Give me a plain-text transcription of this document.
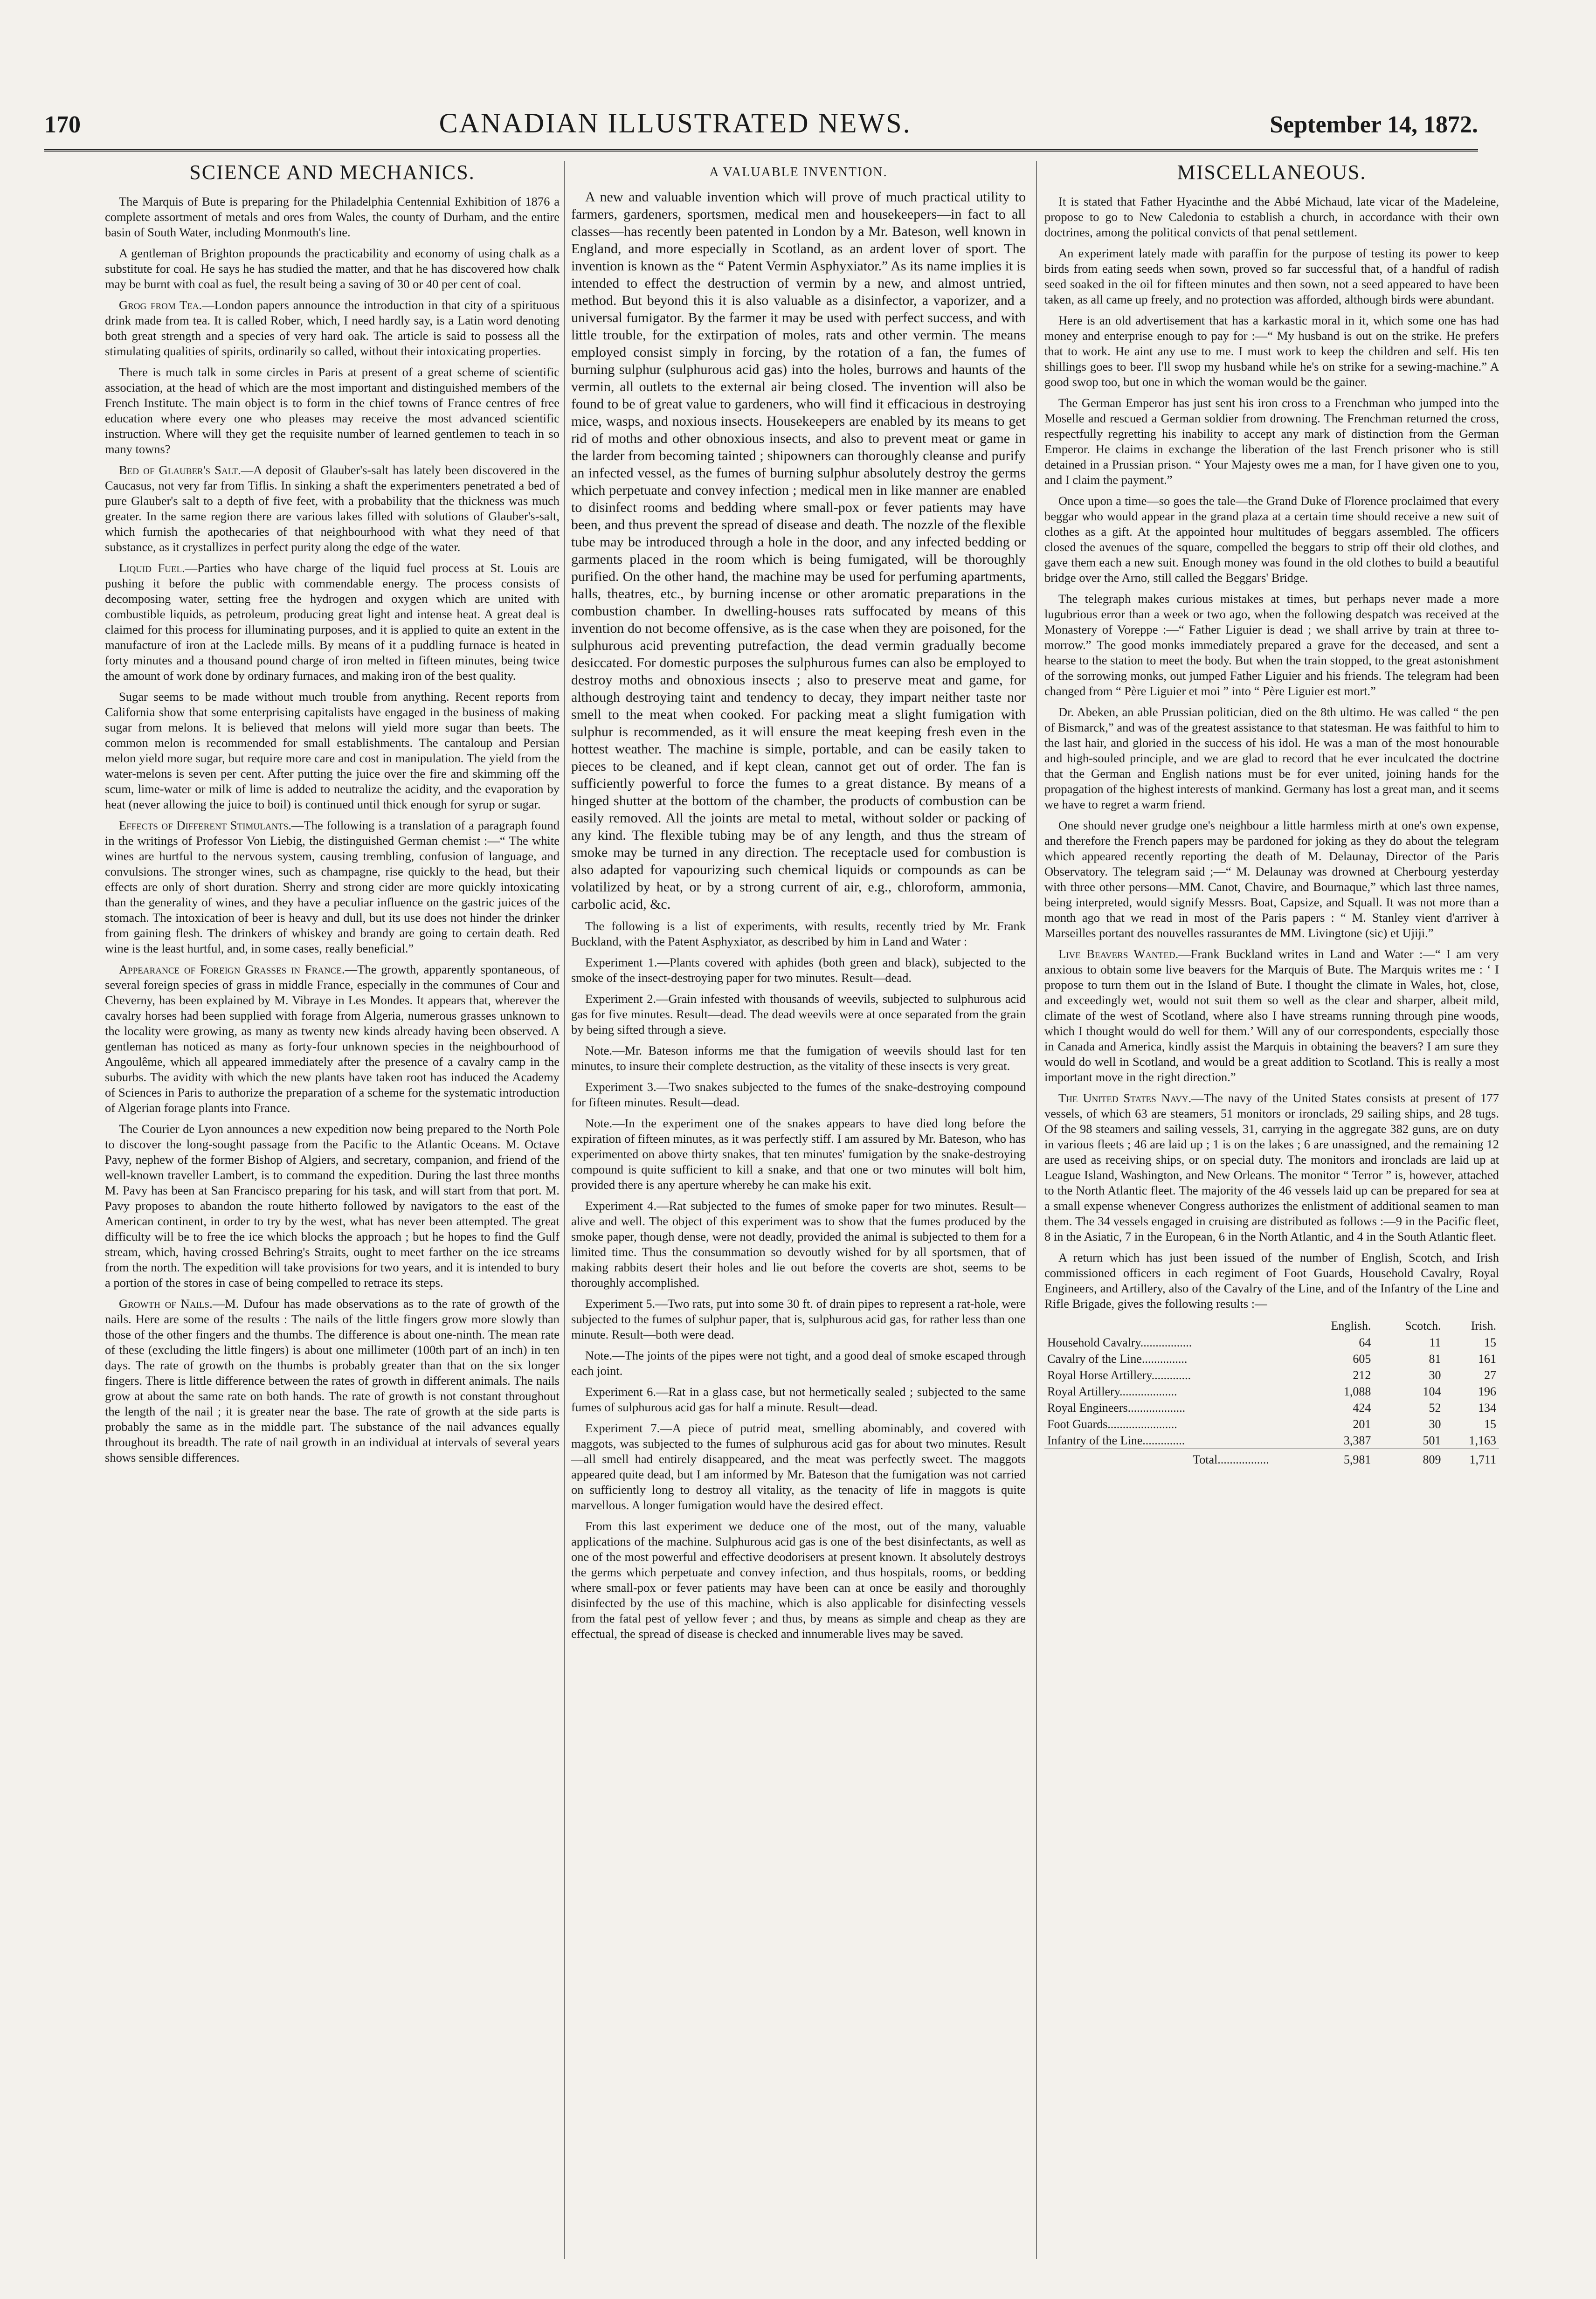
170	CANADIAN ILLUSTRATED NEWS.	September 14, 1872.
SCIENCE AND MECHANICS.

The Marquis of Bute is preparing for the Philadelphia Centennial Exhibition of 1876 a complete assortment of metals and ores from Wales, the county of Durham, and the entire basin of South Water, including Monmouth's line.

A gentleman of Brighton propounds the practicability and economy of using chalk as a substitute for coal. He says he has studied the matter, and that he has discovered how chalk may be burnt with coal as fuel, the result being a saving of 30 or 40 per cent of coal.

Grog from Tea.—London papers announce the introduction in that city of a spirituous drink made from tea. It is called Rober, which, I need hardly say, is a Latin word denoting both great strength and a species of very hard oak. The article is said to possess all the stimulating qualities of spirits, ordinarily so called, without their intoxicating properties.

There is much talk in some circles in Paris at present of a great scheme of scientific association, at the head of which are the most important and distinguished members of the French Institute. The main object is to form in the chief towns of France centres of free education where every one who pleases may receive the most advanced scientific instruction. Where will they get the requisite number of learned gentlemen to teach in so many towns?

Bed of Glauber's Salt.—A deposit of Glauber's-salt has lately been discovered in the Caucasus, not very far from Tiflis. In sinking a shaft the experimenters penetrated a bed of pure Glauber's salt to a depth of five feet, with a probability that the thickness was much greater. In the same region there are various lakes filled with solutions of Glauber's-salt, which furnish the apothecaries of that neighbourhood with what they need of that substance, as it crystallizes in perfect purity along the edge of the water.

Liquid Fuel.—Parties who have charge of the liquid fuel process at St. Louis are pushing it before the public with commendable energy. The process consists of decomposing water, setting free the hydrogen and oxygen which are united with combustible liquids, as petroleum, producing great light and intense heat. A great deal is claimed for this process for illuminating purposes, and it is applied to quite an extent in the manufacture of iron at the Laclede mills. By means of it a puddling furnace is heated in forty minutes and a thousand pound charge of iron melted in fifteen minutes, being twice the amount of work done by ordinary furnaces, and making iron of the best quality.

Sugar seems to be made without much trouble from anything. Recent reports from California show that some enterprising capitalists have engaged in the business of making sugar from melons. It is believed that melons will yield more sugar than beets. The common melon is recommended for small establishments. The cantaloup and Persian melon yield more sugar, but require more care and cost in manipulation. The yield from the water-melons is seven per cent. After putting the juice over the fire and skimming off the scum, lime-water or milk of lime is added to neutralize the acidity, and the evaporation by heat (never allowing the juice to boil) is continued until thick enough for syrup or sugar.

Effects of Different Stimulants.—The following is a translation of a paragraph found in the writings of Professor Von Liebig, the distinguished German chemist :—“ The white wines are hurtful to the nervous system, causing trembling, confusion of language, and convulsions. The stronger wines, such as champagne, rise quickly to the head, but their effects are only of short duration. Sherry and strong cider are more quickly intoxicating than the generality of wines, and they have a peculiar influence on the gastric juices of the stomach. The intoxication of beer is heavy and dull, but its use does not hinder the drinker from gaining flesh. The drinkers of whiskey and brandy are going to certain death. Red wine is the least hurtful, and, in some cases, really beneficial.”

Appearance of Foreign Grasses in France.—The growth, apparently spontaneous, of several foreign species of grass in middle France, especially in the communes of Cour and Cheverny, has been explained by M. Vibraye in Les Mondes. It appears that, wherever the cavalry horses had been supplied with forage from Algeria, numerous grasses unknown to the locality were growing, as many as twenty new kinds already having been observed. A gentleman has noticed as many as forty-four unknown species in the neighbourhood of Angoulême, which all appeared immediately after the presence of a cavalry camp in the suburbs. The avidity with which the new plants have taken root has induced the Academy of Sciences in Paris to authorize the preparation of a scheme for the systematic introduction of Algerian forage plants into France.

The Courier de Lyon announces a new expedition now being prepared to the North Pole to discover the long-sought passage from the Pacific to the Atlantic Oceans. M. Octave Pavy, nephew of the former Bishop of Algiers, and secretary, companion, and friend of the well-known traveller Lambert, is to command the expedition. During the last three months M. Pavy has been at San Francisco preparing for his task, and will start from that port. M. Pavy proposes to abandon the route hitherto followed by navigators to the east of the American continent, in order to try by the west, what has never been attempted. The great difficulty will be to free the ice which blocks the approach ; but he hopes to find the Gulf stream, which, having crossed Behring's Straits, ought to meet farther on the ice streams from the north. The expedition will take provisions for two years, and it is intended to bury a portion of the stores in case of being compelled to retrace its steps.

Growth of Nails.—M. Dufour has made observations as to the rate of growth of the nails. Here are some of the results : The nails of the little fingers grow more slowly than those of the other fingers and the thumbs. The difference is about one-ninth. The mean rate of these (excluding the little fingers) is about one millimeter (100th part of an inch) in ten days. The rate of growth on the thumbs is probably greater than that on the six longer fingers. There is little difference between the rates of growth in different animals. The nails grow at about the same rate on both hands. The rate of growth is not constant throughout the length of the nail ; it is greater near the base. The rate of growth at the side parts is probably the same as in the middle part. The substance of the nail advances equally throughout its breadth. The rate of nail growth in an individual at intervals of several years shows sensible differences.

A VALUABLE INVENTION.

A new and valuable invention which will prove of much practical utility to farmers, gardeners, sportsmen, medical men and housekeepers—in fact to all classes—has recently been patented in London by a Mr. Bateson, well known in England, and more especially in Scotland, as an ardent lover of sport. The invention is known as the “ Patent Vermin Asphyxiator.” As its name implies it is intended to effect the destruction of vermin by a new, and almost untried, method. But beyond this it is also valuable as a disinfector, a vaporizer, and a universal fumigator. By the farmer it may be used with perfect success, and with little trouble, for the extirpation of moles, rats and other vermin. The means employed consist simply in forcing, by the rotation of a fan, the fumes of burning sulphur (sulphurous acid gas) into the holes, burrows and haunts of the vermin, all outlets to the external air being closed. The invention will also be found to be of great value to gardeners, who will find it efficacious in destroying mice, wasps, and noxious insects. Housekeepers are enabled by its means to get rid of moths and other obnoxious insects, and also to prevent meat or game in the larder from becoming tainted ; shipowners can thoroughly cleanse and purify an infected vessel, as the fumes of burning sulphur absolutely destroy the germs which perpetuate and convey infection ; medical men in like manner are enabled to disinfect rooms and bedding where small-pox or fever patients may have been, and thus prevent the spread of disease and death. The nozzle of the flexible tube may be introduced through a hole in the door, and any infected bedding or garments placed in the room which is being fumigated, will be thoroughly purified. On the other hand, the machine may be used for perfuming apartments, halls, theatres, etc., by burning incense or other aromatic preparations in the combustion chamber. In dwelling-houses rats suffocated by means of this invention do not become offensive, as is the case when they are poisoned, for the sulphurous acid preventing putrefaction, the dead vermin gradually become desiccated. For domestic purposes the sulphurous fumes can also be employed to destroy moths and obnoxious insects ; also to preserve meat and game, for although destroying taint and tendency to decay, they impart neither taste nor smell to the meat when cooked. For packing meat a slight fumigation with sulphur is recommended, as it will ensure the meat keeping fresh even in the hottest weather. The machine is simple, portable, and can be easily taken to pieces to be cleaned, and if kept clean, cannot get out of order. The fan is sufficiently powerful to force the fumes to a great distance. By means of a hinged shutter at the bottom of the chamber, the products of combustion can be easily removed. All the joints are metal to metal, without solder or packing of any kind. The flexible tubing may be of any length, and thus the stream of smoke may be turned in any direction. The receptacle used for combustion is also adapted for vapourizing such chemical liquids or compounds as can be volatilized by heat, or by a strong current of air, e.g., chloroform, ammonia, carbolic acid, &c.

The following is a list of experiments, with results, recently tried by Mr. Frank Buckland, with the Patent Asphyxiator, as described by him in Land and Water :

Experiment 1.—Plants covered with aphides (both green and black), subjected to the smoke of the insect-destroying paper for two minutes. Result—dead.

Experiment 2.—Grain infested with thousands of weevils, subjected to sulphurous acid gas for five minutes. Result—dead. The dead weevils were at once separated from the grain by being sifted through a sieve.

Note.—Mr. Bateson informs me that the fumigation of weevils should last for ten minutes, to insure their complete destruction, as the vitality of these insects is very great.

Experiment 3.—Two snakes subjected to the fumes of the snake-destroying compound for fifteen minutes. Result—dead.

Note.—In the experiment one of the snakes appears to have died long before the expiration of fifteen minutes, as it was perfectly stiff. I am assured by Mr. Bateson, who has experimented on above thirty snakes, that ten minutes' fumigation by the snake-destroying compound is quite sufficient to kill a snake, and that one or two minutes will bolt him, provided there is any aperture whereby he can make his exit.

Experiment 4.—Rat subjected to the fumes of smoke paper for two minutes. Result—alive and well. The object of this experiment was to show that the fumes produced by the smoke paper, though dense, were not deadly, provided the animal is subjected to them for a limited time. Thus the consummation so devoutly wished for by all sportsmen, that of making rabbits desert their holes and lie out before the coverts are shot, seems to be thoroughly accomplished.

Experiment 5.—Two rats, put into some 30 ft. of drain pipes to represent a rat-hole, were subjected to the fumes of sulphur paper, that is, sulphurous acid gas, for rather less than one minute. Result—both were dead.

Note.—The joints of the pipes were not tight, and a good deal of smoke escaped through each joint.

Experiment 6.—Rat in a glass case, but not hermetically sealed ; subjected to the same fumes of sulphurous acid gas for half a minute. Result—dead.

Experiment 7.—A piece of putrid meat, smelling abominably, and covered with maggots, was subjected to the fumes of sulphurous acid gas for about two minutes. Result—all smell had entirely disappeared, and the meat was perfectly sweet. The maggots appeared quite dead, but I am informed by Mr. Bateson that the fumigation was not carried on sufficiently long to destroy all vitality, as the tenacity of life in maggots is quite marvellous. A longer fumigation would have the desired effect.

From this last experiment we deduce one of the most, out of the many, valuable applications of the machine. Sulphurous acid gas is one of the best disinfectants, as well as one of the most powerful and effective deodorisers at present known. It absolutely destroys the germs which perpetuate and convey infection, and thus hospitals, rooms, or bedding where small-pox or fever patients may have been can at once be easily and thoroughly disinfected by the use of this machine, which is also applicable for disinfecting vessels from the fatal pest of yellow fever ; and thus, by means as simple and cheap as they are effectual, the spread of disease is checked and innumerable lives may be saved.

MISCELLANEOUS.

It is stated that Father Hyacinthe and the Abbé Michaud, late vicar of the Madeleine, propose to go to New Caledonia to establish a church, in accordance with their own doctrines, among the political convicts of that penal settlement.

An experiment lately made with paraffin for the purpose of testing its power to keep birds from eating seeds when sown, proved so far successful that, of a handful of radish seed soaked in the oil for fifteen minutes and then sown, not a seed appeared to have been taken, as all came up freely, and no protection was afforded, although birds were abundant.

Here is an old advertisement that has a karkastic moral in it, which some one has had money and enterprise enough to pay for :—“ My husband is out on the strike. He prefers that to work. He aint any use to me. I must work to keep the children and self. His ten shillings goes to beer. I'll swop my husband while he's on strike for a sewing-machine.” A good swop too, but one in which the woman would be the gainer.

The German Emperor has just sent his iron cross to a Frenchman who jumped into the Moselle and rescued a German soldier from drowning. The Frenchman returned the cross, respectfully regretting his inability to accept any mark of distinction from the German Emperor. He claims in exchange the liberation of the last French prisoner who is still detained in a Prussian prison. “ Your Majesty owes me a man, for I have given one to you, and I claim the payment.”

Once upon a time—so goes the tale—the Grand Duke of Florence proclaimed that every beggar who would appear in the grand plaza at a certain time should receive a new suit of clothes as a gift. At the appointed hour multitudes of beggars assembled. The officers closed the avenues of the square, compelled the beggars to strip off their old clothes, and gave them each a new suit. Enough money was found in the old clothes to build a beautiful bridge over the Arno, still called the Beggars' Bridge.

The telegraph makes curious mistakes at times, but perhaps never made a more lugubrious error than a week or two ago, when the following despatch was received at the Monastery of Voreppe :—“ Father Liguier is dead ; we shall arrive by train at three to-morrow.” The good monks immediately prepared a grave for the deceased, and sent a hearse to the station to meet the body. But when the train stopped, to the great astonishment of the sorrowing monks, out jumped Father Liguier and his friends. The telegram had been changed from “ Père Liguier et moi ” into “ Père Liguier est mort.”

Dr. Abeken, an able Prussian politician, died on the 8th ultimo. He was called “ the pen of Bismarck,” and was of the greatest assistance to that statesman. He was faithful to him to the last hair, and gloried in the success of his idol. He was a man of the most honourable and high-souled principle, and we are glad to record that he ever inculcated the doctrine that the German and English nations must be for ever united, joining hands for the propagation of the highest interests of mankind. Germany has lost a great man, and it seems we have to regret a warm friend.

One should never grudge one's neighbour a little harmless mirth at one's own expense, and therefore the French papers may be pardoned for joking as they do about the telegram which appeared recently reporting the death of M. Delaunay, Director of the Paris Observatory. The telegram said ;—“ M. Delaunay was drowned at Cherbourg yesterday with three other persons—MM. Canot, Chavire, and Bournaque,” which last three names, being interpreted, would signify Messrs. Boat, Capsize, and Squall. It was not more than a month ago that we read in most of the Paris papers : “ M. Stanley vient d'arriver à Marseilles portant des nouvelles rassurantes de MM. Livingtone (sic) et Ujiji.”

Live Beavers Wanted.—Frank Buckland writes in Land and Water :—“ I am very anxious to obtain some live beavers for the Marquis of Bute. The Marquis writes me : ‘ I propose to turn them out in the Island of Bute. I thought the climate in Wales, hot, close, and exceedingly wet, would not suit them so well as the clear and sharper, albeit mild, climate of the west of Scotland, where also I have streams running through pine woods, which I thought would do well for them.’ Will any of our correspondents, especially those in Canada and America, kindly assist the Marquis in obtaining the beavers? I am sure they would do well in Scotland, and would be a great addition to Scotland. This is really a most important move in the right direction.”

The United States Navy.—The navy of the United States consists at present of 177 vessels, of which 63 are steamers, 51 monitors or ironclads, 29 sailing ships, and 28 tugs. Of the 98 steamers and sailing vessels, 31, carrying in the aggregate 382 guns, are on duty in various fleets ; 46 are laid up ; 1 is on the lakes ; 6 are unassigned, and the remaining 12 are used as receiving ships, or on special duty. The monitors and ironclads are laid up at League Island, Washington, and New Orleans. The monitor “ Terror ” is, however, attached to the North Atlantic fleet. The majority of the 46 vessels laid up can be prepared for sea at a small expense whenever Congress authorizes the enlistment of additional seamen to man them. The 34 vessels engaged in cruising are distributed as follows :—9 in the Pacific fleet, 8 in the Asiatic, 7 in the European, 6 in the North Atlantic, and 4 in the South Atlantic fleet.

A return which has just been issued of the number of English, Scotch, and Irish commissioned officers in each regiment of Foot Guards, Household Cavalry, Royal Engineers, and Artillery, also of the Cavalry of the Line, and of the Infantry of the Line and Rifle Brigade, gives the following results :—

	English.	Scotch.	Irish.
Household Cavalry.................	64	11	15
Cavalry of the Line...............	605	81	161
Royal Horse Artillery.............	212	30	27
Royal Artillery...................	1,088	104	196
Royal Engineers...................	424	52	134
Foot Guards.......................	201	30	15
Infantry of the Line..............	3,387	501	1,163
Total.................	5,981	809	1,711
